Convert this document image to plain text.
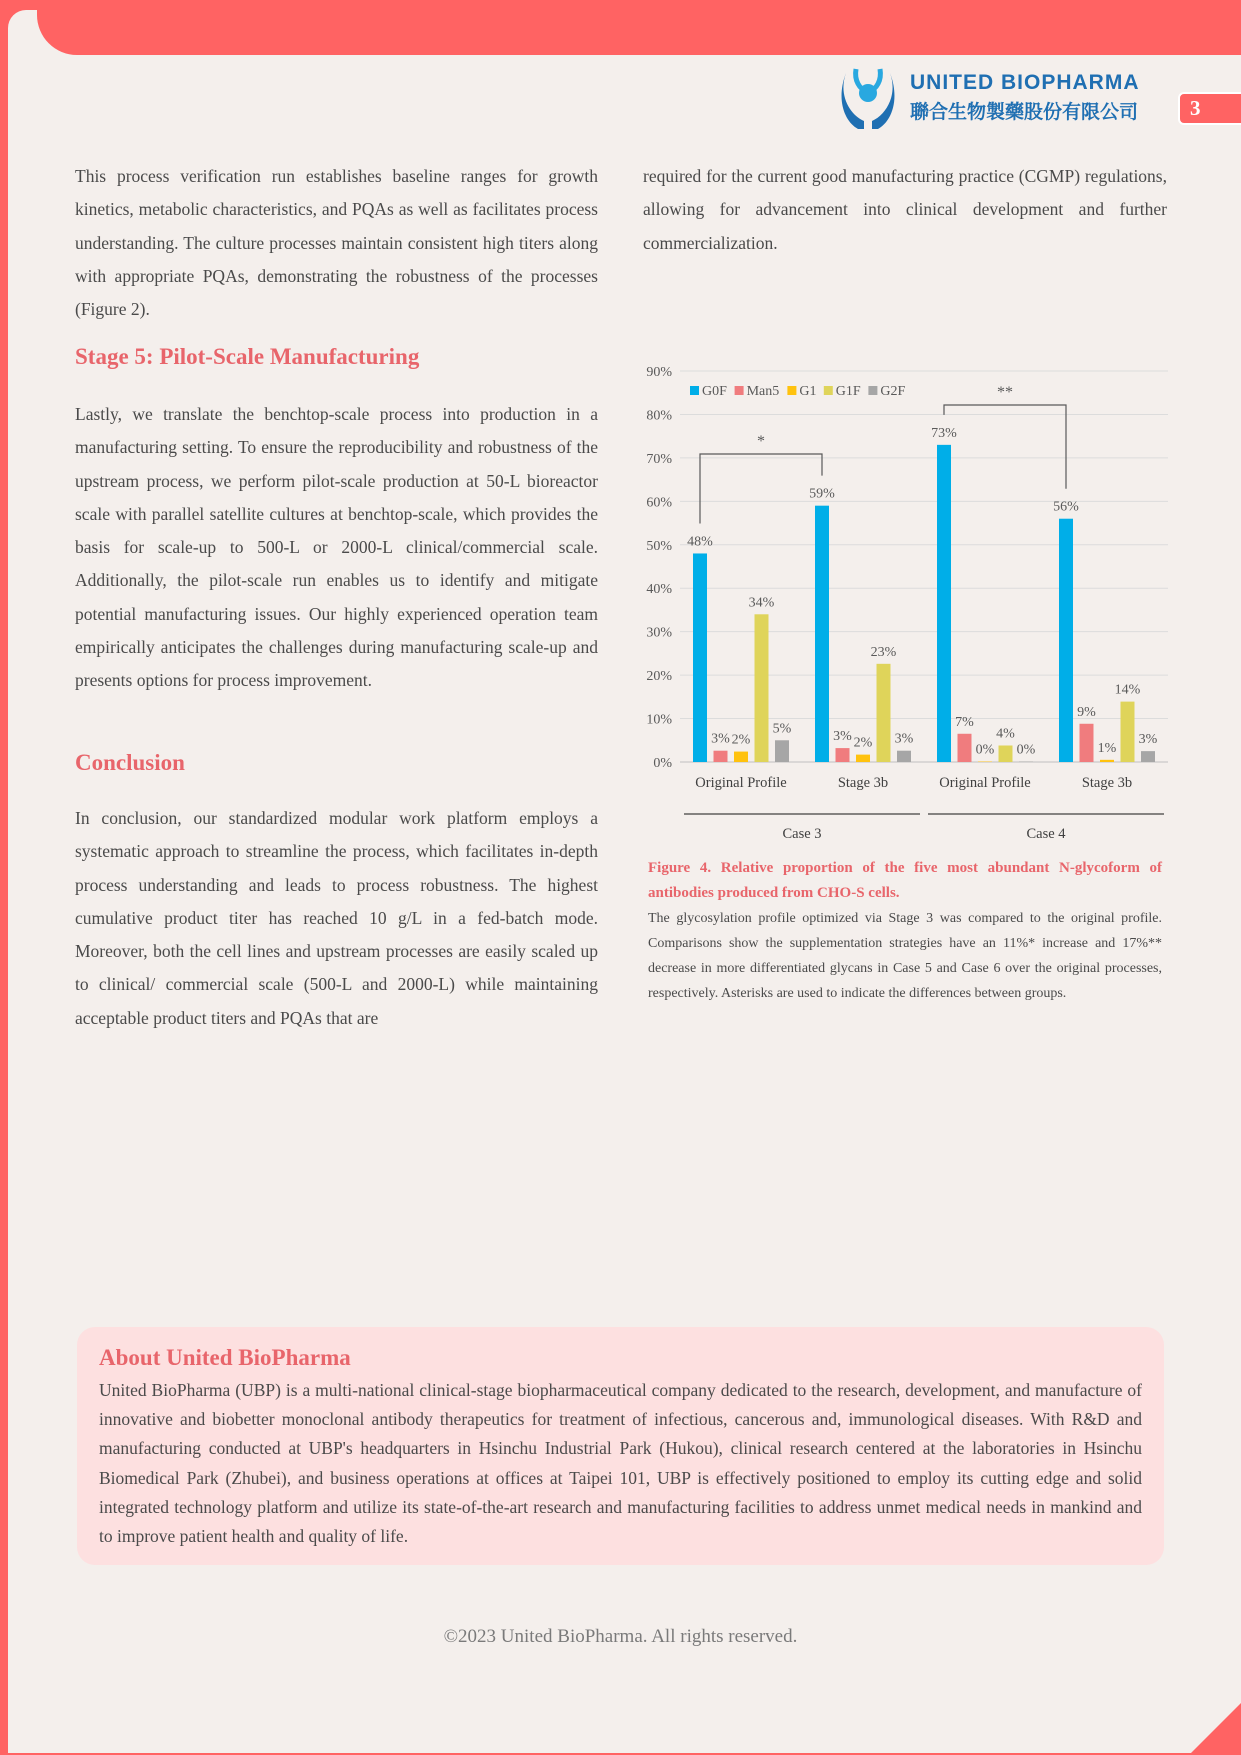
UNITED BIOPHARMA
聯合生物製藥股份有限公司	3

This process verification run establishes baseline ranges for growth kinetics, metabolic characteristics, and PQAs as well as facilitates process understanding. The culture processes maintain consistent high titers along with appropriate PQAs, demonstrating the robustness of the processes (Figure 2).

Stage 5: Pilot-Scale Manufacturing

Lastly, we translate the benchtop-scale process into production in a manufacturing setting. To ensure the reproducibility and robustness of the upstream process, we perform pilot-scale production at 50-L bioreactor scale with parallel satellite cultures at benchtop-scale, which provides the basis for scale-up to 500-L or 2000-L clinical/commercial scale. Additionally, the pilot-scale run enables us to identify and mitigate potential manufacturing issues. Our highly experienced operation team empirically anticipates the challenges during manufacturing scale-up and presents options for process improvement.

Conclusion

In conclusion, our standardized modular work platform employs a systematic approach to streamline the process, which facilitates in-depth process understanding and leads to process robustness. The highest cumulative product titer has reached 10 g/L in a fed-batch mode. Moreover, both the cell lines and upstream processes are easily scaled up to clinical/ commercial scale (500-L and 2000-L) while maintaining acceptable product titers and PQAs that are

required for the current good manufacturing practice (CGMP) regulations, allowing for advancement into clinical development and further commercialization.

0%
10%
20%
30%
40%
50%
60%
70%
80%
90%
48%
59%
73%
56%
3%	3%
7%
9%
2%	2%	0%	1%
34%
23%
4%
14%
5%
3%
0%
3%
Original Profile	Stage 3b	Original Profile	Stage 3b
Case 3	Case 4
G0F Man5 G1 G1F G2F
*
**
Figure 4. Relative proportion of the five most abundant N-glycoform of antibodies produced from CHO-S cells.
The glycosylation profile optimized via Stage 3 was compared to the original profile. Comparisons show the supplementation strategies have an 11%* increase and 17%** decrease in more differentiated glycans in Case 5 and Case 6 over the original processes, respectively. Asterisks are used to indicate the differences between groups.
About United BioPharma

United BioPharma (UBP) is a multi-national clinical-stage biopharmaceutical company dedicated to the research, development, and manufacture of innovative and biobetter monoclonal antibody therapeutics for treatment of infectious, cancerous and, immunological diseases. With R&D and manufacturing conducted at UBP's headquarters in Hsinchu Industrial Park (Hukou), clinical research centered at the laboratories in Hsinchu Biomedical Park (Zhubei), and business operations at offices at Taipei 101, UBP is effectively positioned to employ its cutting edge and solid integrated technology platform and utilize its state-of-the-art research and manufacturing facilities to address unmet medical needs in mankind and to improve patient health and quality of life.

©2023 United BioPharma. All rights reserved.
